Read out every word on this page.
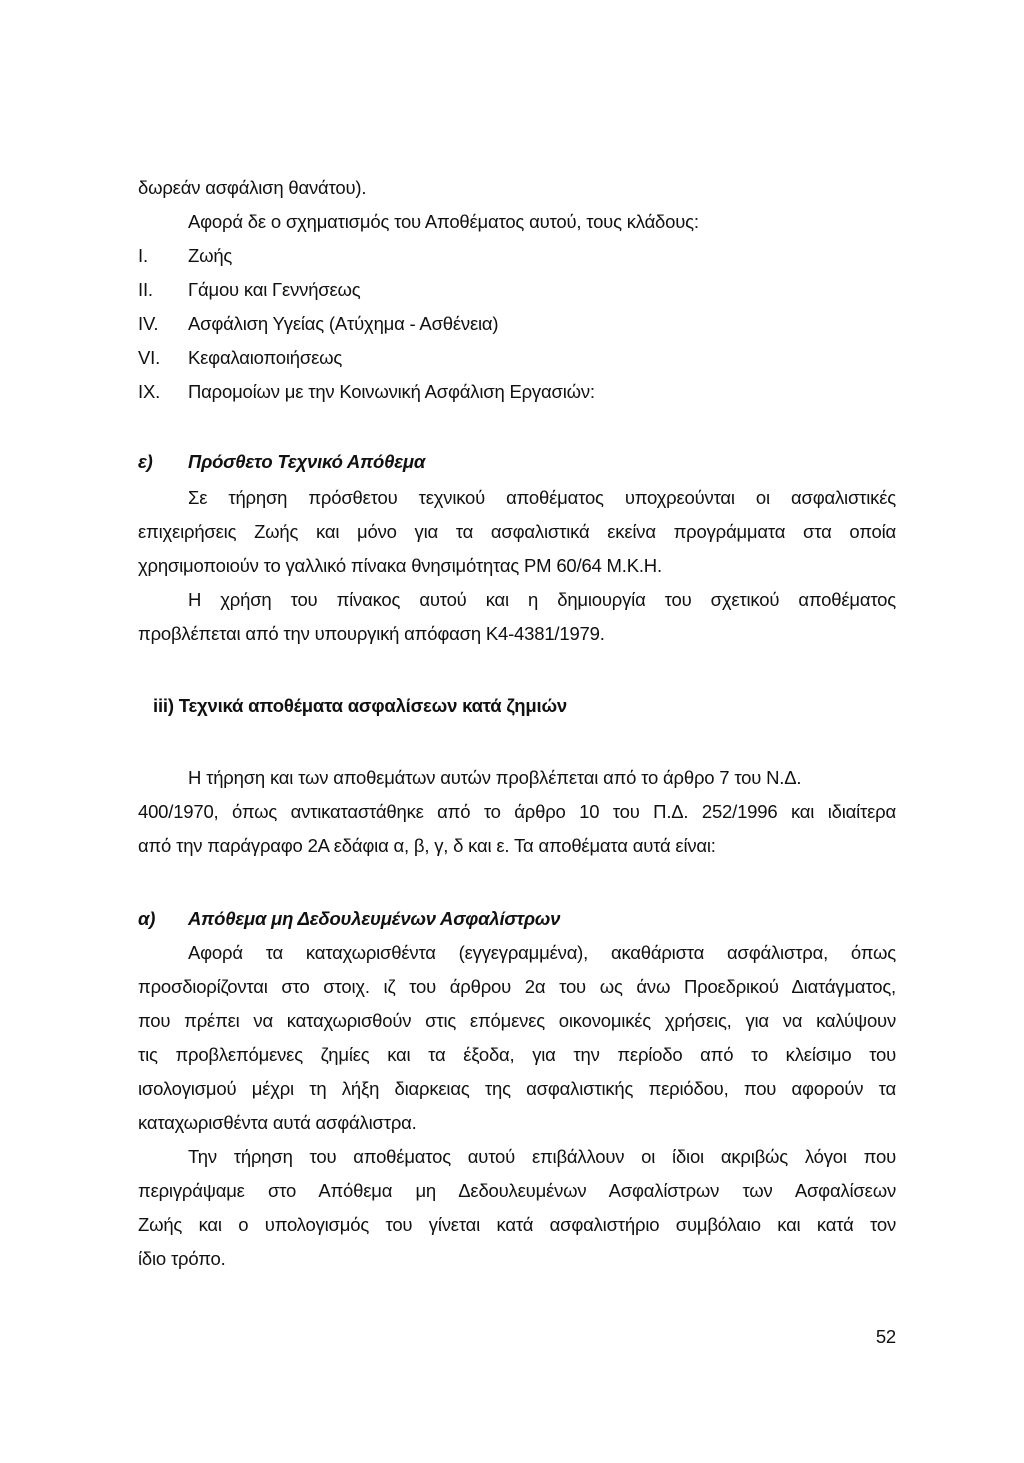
δωρεάν ασφάλιση θανάτου).
Αφορά δε ο σχηματισμός του Αποθέματος αυτού, τους κλάδους:
I. Ζωής
II. Γάμου και Γεννήσεως
IV. Ασφάλιση Υγείας (Ατύχημα - Ασθένεια)
VI. Κεφαλαιοποιήσεως
IX. Παρομοίων με την Κοινωνική Ασφάλιση Εργασιών:
ε) Πρόσθετο Τεχνικό Απόθεμα
Σε τήρηση πρόσθετου τεχνικού αποθέματος υποχρεούνται οι ασφαλιστικές
επιχειρήσεις Ζωής και μόνο για τα ασφαλιστικά εκείνα προγράμματα στα οποία
χρησιμοποιούν το γαλλικό πίνακα θνησιμότητας PM 60/64 Μ.Κ.Η.
Η χρήση του πίνακος αυτού και η δημιουργία του σχετικού αποθέματος
προβλέπεται από την υπουργική απόφαση Κ4-4381/1979.
iii) Τεχνικά αποθέματα ασφαλίσεων κατά ζημιών
Η τήρηση και των αποθεμάτων αυτών προβλέπεται από το άρθρο 7 του Ν.Δ.
400/1970, όπως αντικαταστάθηκε από το άρθρο 10 του Π.Δ. 252/1996 και ιδιαίτερα
από την παράγραφο 2Α εδάφια α, β, γ, δ και ε. Τα αποθέματα αυτά είναι:
α) Απόθεμα μη Δεδουλευμένων Ασφαλίστρων
Αφορά τα καταχωρισθέντα (εγγεγραμμένα), ακαθάριστα ασφάλιστρα, όπως
προσδιορίζονται στο στοιχ. ιζ του άρθρου 2α του ως άνω Προεδρικού Διατάγματος,
που πρέπει να καταχωρισθούν στις επόμενες οικονομικές χρήσεις, για να καλύψουν
τις προβλεπόμενες ζημίες και τα έξοδα, για την περίοδο από το κλείσιμο του
ισολογισμού μέχρι τη λήξη διαρκειας της ασφαλιστικής περιόδου, που αφορούν τα
καταχωρισθέντα αυτά ασφάλιστρα.
Την τήρηση του αποθέματος αυτού επιβάλλουν οι ίδιοι ακριβώς λόγοι που
περιγράψαμε στο Απόθεμα μη Δεδουλευμένων Ασφαλίστρων των Ασφαλίσεων
Ζωής και ο υπολογισμός του γίνεται κατά ασφαλιστήριο συμβόλαιο και κατά τον
ίδιο τρόπο.
52
